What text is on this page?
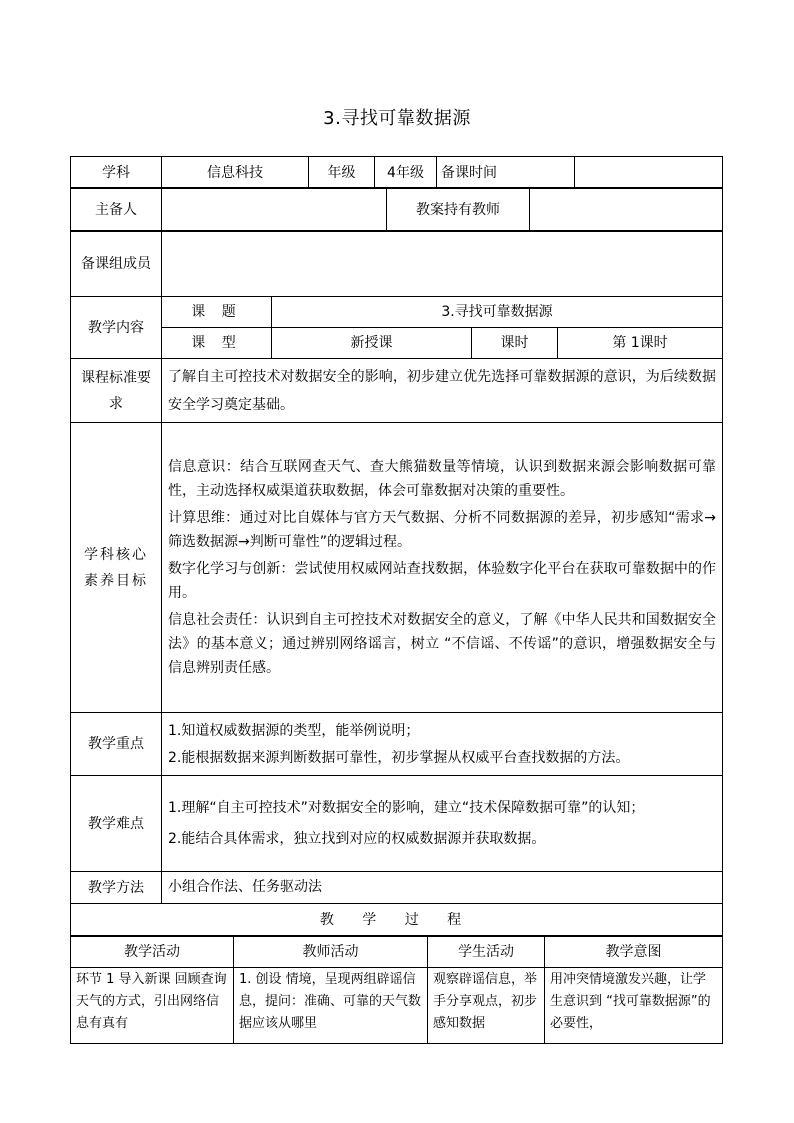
3.寻找可靠数据源
学科	信息科技	年级	4年级	备课时间	
主备人		教案持有教师	
备课组成员				
教学内容	课 题	3.寻找可靠数据源		
	课 型	新授课	课时	第 1课时
课程标准要求	了解自主可控技术对数据安全的影响，初步建立优先选择可靠数据源的意识，为后续数据安全学习奠定基础。			
学科核心素养目标	信息意识：结合互联网查天气、查大熊猫数量等情境，认识到数据来源会影响数据可靠性，主动选择权威渠道获取数据，体会可靠数据对决策的重要性。

计算思维：通过对比自媒体与官方天气数据、分析不同数据源的差异，初步感知“需求→筛选数据源→判断可靠性”的逻辑过程。

数字化学习与创新：尝试使用权威网站查找数据，体验数字化平台在获取可靠数据中的作用。

信息社会责任：认识到自主可控技术对数据安全的意义，了解《中华人民共和国数据安全法》的基本意义；通过辨别网络谣言，树立 “不信谣、不传谣”的意识，增强数据安全与信息辨别责任感。			

教学重点	1.知道权威数据源的类型，能举例说明；

2.能根据数据来源判断数据可靠性，初步掌握从权威平台查找数据的方法。			

教学难点	1.理解“自主可控技术”对数据安全的影响，建立“技术保障数据可靠”的认知；

2.能结合具体需求，独立找到对应的权威数据源并获取数据。			

教学方法	小组合作法、任务驱动法			
教 学 过 程				
教学活动	教师活动	学生活动	教学意图
环节 1 导入新课 回顾查询天气的方式，引出网络信息有真有	1. 创设 情境，呈现两组辟谣信息，提问：准确、可靠的天气数据应该从哪里	观察辟谣信息，举手分享观点，初步感知数据	用冲突情境激发兴趣，让学生意识到 “找可靠数据源”的必要性，
